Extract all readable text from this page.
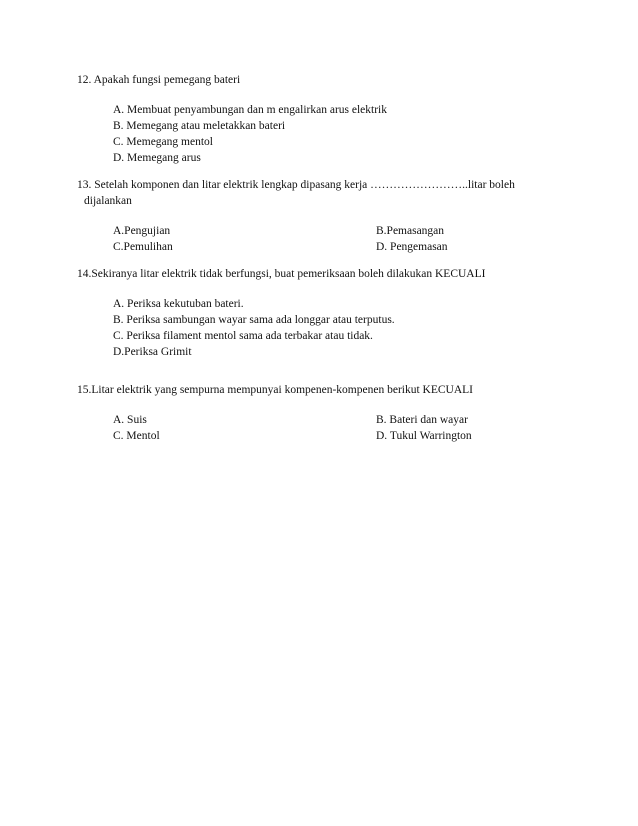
12. Apakah fungsi pemegang bateri
A. Membuat penyambungan dan m engalirkan arus elektrik
B. Memegang atau meletakkan bateri
C. Memegang mentol
D. Memegang arus
13. Setelah komponen dan litar elektrik lengkap dipasang kerja ……………………..litar boleh
dijalankan
A.Pengujian	B.Pemasangan
C.Pemulihan	D. Pengemasan
14.Sekiranya litar elektrik tidak berfungsi, buat pemeriksaan boleh dilakukan KECUALI
A. Periksa kekutuban bateri.
B. Periksa sambungan wayar sama ada longgar atau terputus.
C. Periksa filament mentol sama ada terbakar atau tidak.
D.Periksa Grimit
15.Litar elektrik yang sempurna mempunyai kompenen-kompenen berikut KECUALI
A. Suis	B. Bateri dan wayar
C. Mentol	D. Tukul Warrington
